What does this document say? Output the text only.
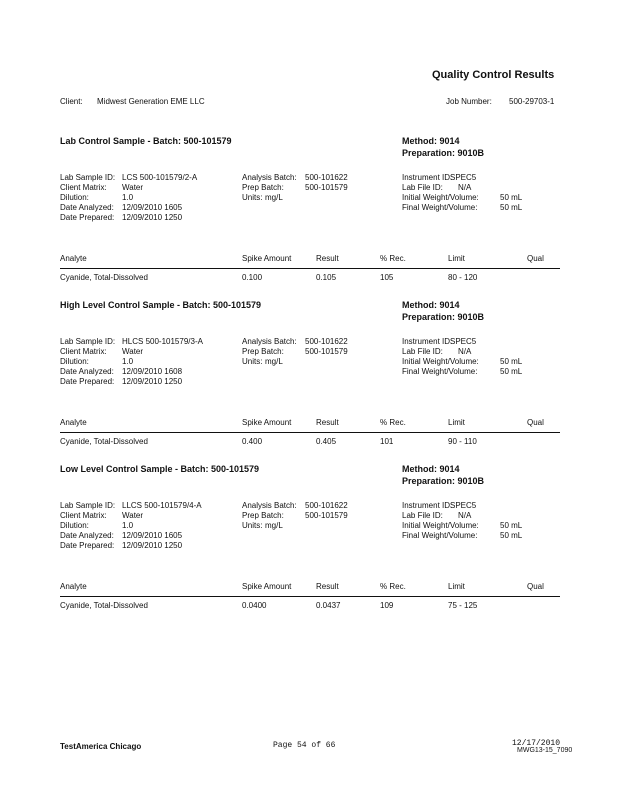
Quality Control Results
Client: Midwest Generation EME LLC	Job Number: 500-29703-1
Lab Control Sample - Batch: 500-101579	Method: 9014
Preparation: 9010B
Lab Sample ID: LCS 500-101579/2-A
Client Matrix: Water
Dilution:	1.0
Date Analyzed: 12/09/2010 1605
Date Prepared: 12/09/2010 1250
Analysis Batch: 500-101622
Prep Batch:	500-101579
Units: mg/L
Instrument ID:
SPEC5
Lab File ID: N/A
Initial Weight/Volume:	50 mL
Final Weight/Volume:	50 mL
Analyte	Spike Amount	Result	% Rec.	Limit	Qual
Cyanide, Total-Dissolved	0.100	0.105	105	80 - 120
High Level Control Sample - Batch: 500-101579	Method: 9014
Preparation: 9010B
Lab Sample ID: HLCS 500-101579/3-A
Client Matrix: Water
Dilution:	1.0
Date Analyzed: 12/09/2010 1608
Date Prepared: 12/09/2010 1250
Analysis Batch: 500-101622
Prep Batch:	500-101579
Units: mg/L
Instrument ID:
SPEC5
Lab File ID: N/A
Initial Weight/Volume:	50 mL
Final Weight/Volume:	50 mL
Analyte	Spike Amount	Result	% Rec.	Limit	Qual
Cyanide, Total-Dissolved	0.400	0.405	101	90 - 110
Low Level Control Sample - Batch: 500-101579	Method: 9014
Preparation: 9010B
Lab Sample ID: LLCS 500-101579/4-A
Client Matrix: Water
Dilution:	1.0
Date Analyzed: 12/09/2010 1605
Date Prepared: 12/09/2010 1250
Analysis Batch: 500-101622
Prep Batch:	500-101579
Units: mg/L
Instrument ID:
SPEC5
Lab File ID: N/A
Initial Weight/Volume:	50 mL
Final Weight/Volume:	50 mL
Analyte	Spike Amount	Result	% Rec.	Limit	Qual
Cyanide, Total-Dissolved	0.0400	0.0437	109	75 - 125
TestAmerica Chicago	Page 54 of 66	12/17/2010
MWG13-15_7090
